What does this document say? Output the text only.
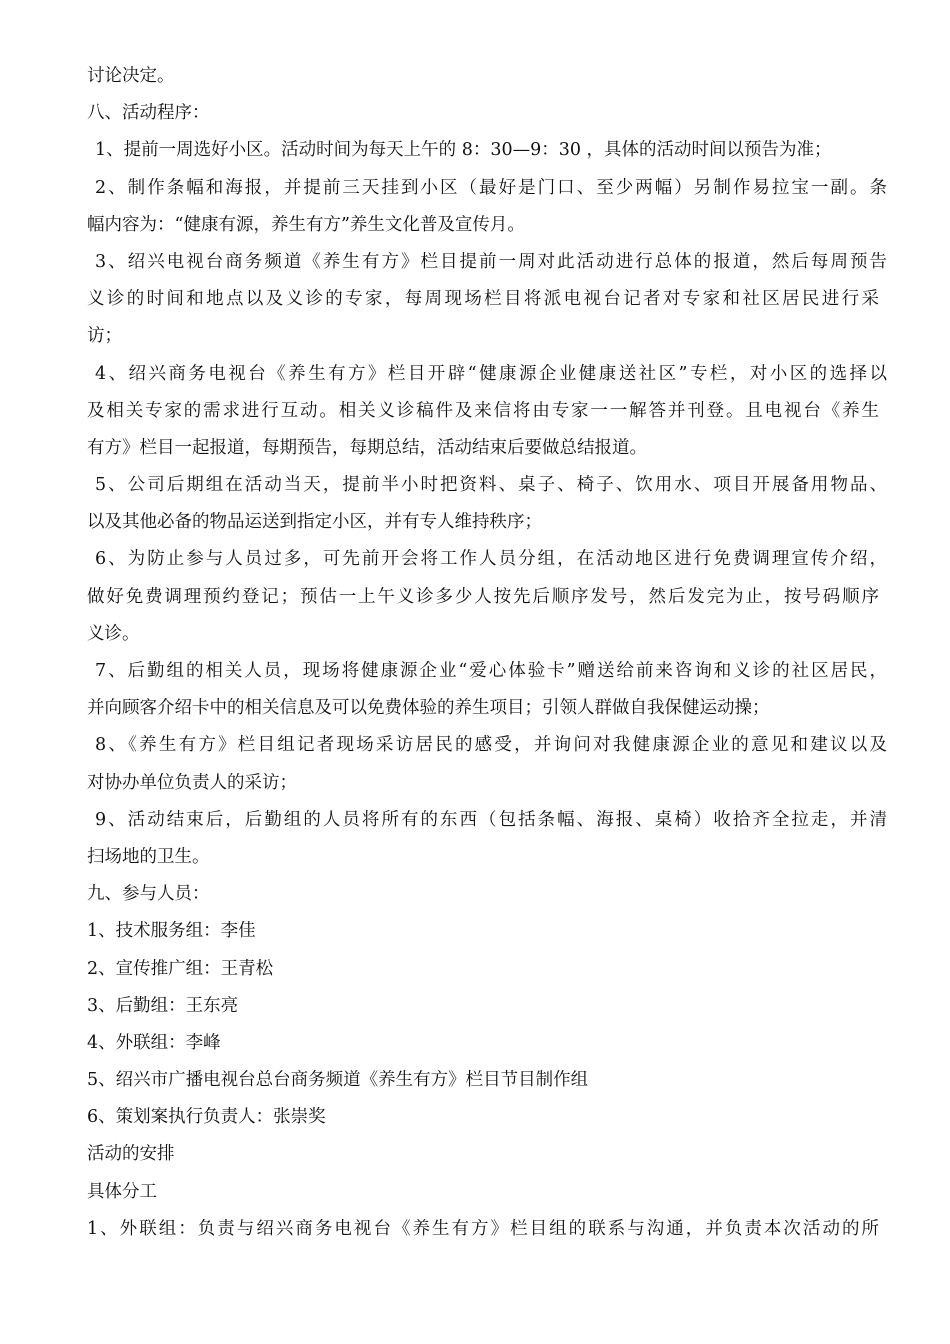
讨论决定。

八、活动程序：

1、提前一周选好小区。活动时间为每天上午的 8：30—9：30 ，具体的活动时间以预告为准；

2、制作条幅和海报，并提前三天挂到小区（最好是门口、至少两幅）另制作易拉宝一副。条

幅内容为：“健康有源，养生有方”养生文化普及宣传月。

3、绍兴电视台商务频道《养生有方》栏目提前一周对此活动进行总体的报道，然后每周预告

义诊的时间和地点以及义诊的专家，每周现场栏目将派电视台记者对专家和社区居民进行采

访；

4、绍兴商务电视台《养生有方》栏目开辟“健康源企业健康送社区”专栏，对小区的选择以

及相关专家的需求进行互动。相关义诊稿件及来信将由专家一一解答并刊登。且电视台《养生

有方》栏目一起报道，每期预告，每期总结，活动结束后要做总结报道。

5、公司后期组在活动当天，提前半小时把资料、桌子、椅子、饮用水、项目开展备用物品、

以及其他必备的物品运送到指定小区，并有专人维持秩序；

6、为防止参与人员过多，可先前开会将工作人员分组，在活动地区进行免费调理宣传介绍，

做好免费调理预约登记；预估一上午义诊多少人按先后顺序发号，然后发完为止，按号码顺序

义诊。

7、后勤组的相关人员，现场将健康源企业“爱心体验卡”赠送给前来咨询和义诊的社区居民，

并向顾客介绍卡中的相关信息及可以免费体验的养生项目；引领人群做自我保健运动操；

8、《养生有方》栏目组记者现场采访居民的感受，并询问对我健康源企业的意见和建议以及

对协办单位负责人的采访；

9、活动结束后，后勤组的人员将所有的东西（包括条幅、海报、桌椅）收拾齐全拉走，并清

扫场地的卫生。

九、参与人员：

1、技术服务组：李佳

2、宣传推广组：王青松

3、后勤组：王东亮

4、外联组：李峰

5、绍兴市广播电视台总台商务频道《养生有方》栏目节目制作组

6、策划案执行负责人：张崇奖

活动的安排

具体分工

1、外联组：负责与绍兴商务电视台《养生有方》栏目组的联系与沟通，并负责本次活动的所
